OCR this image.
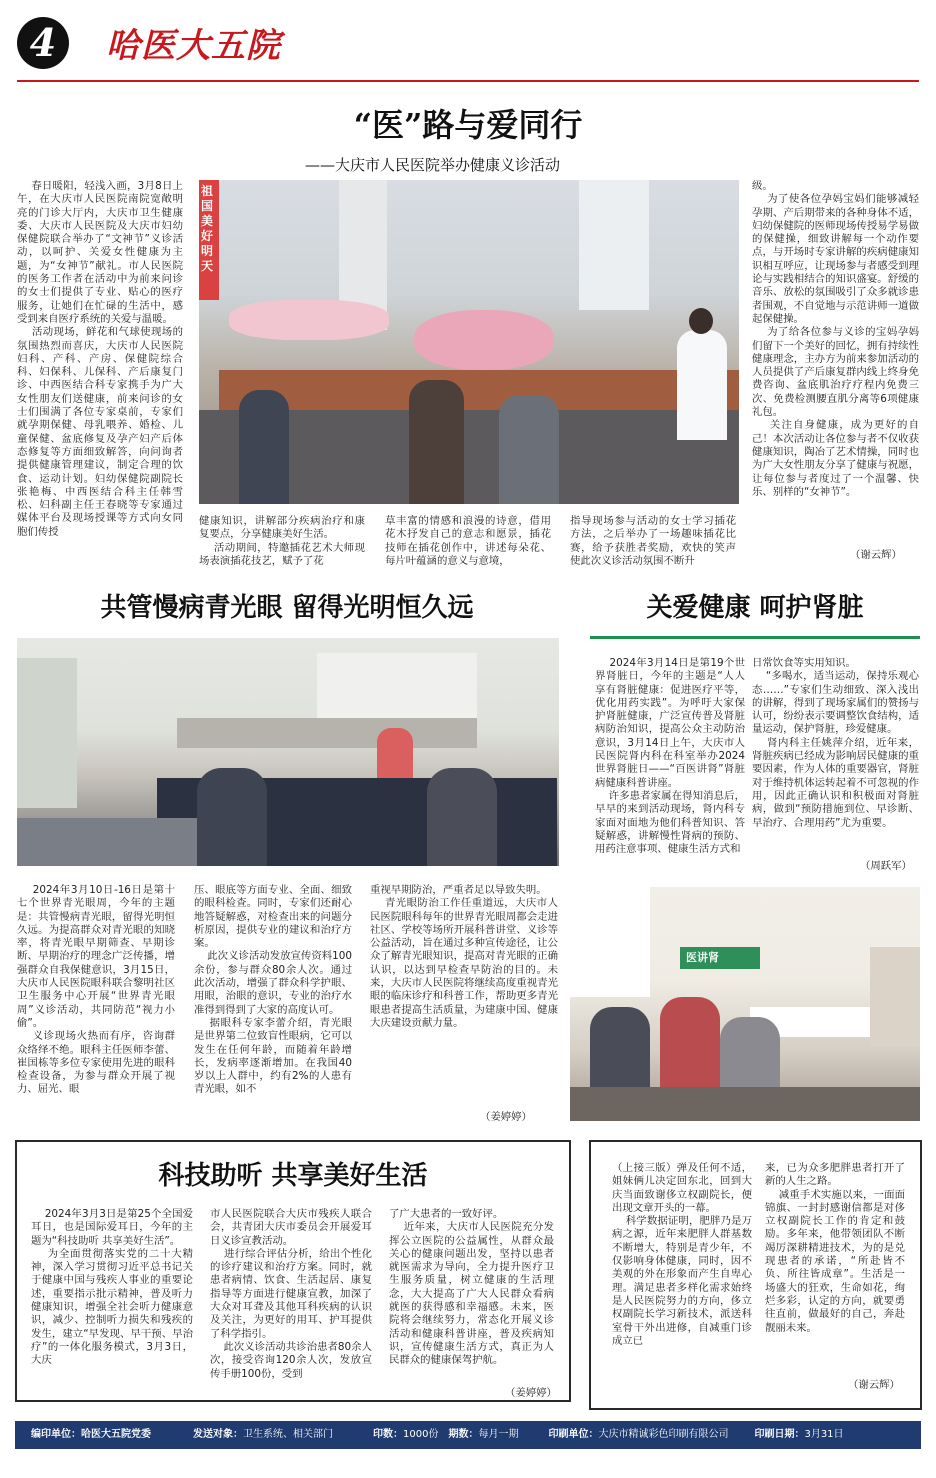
4	哈医大五院
“医”路与爱同行
——大庆市人民医院举办健康义诊活动
春日暖阳，轻浅入画，3月8日上午，在大庆市人民医院南院宽敞明亮的门诊大厅内，大庆市卫生健康委、大庆市人民医院及大庆市妇幼保健院联合举办了“文神节”义诊活动，以呵护、关爱女性健康为主题，为“女神节”献礼。市人民医院的医务工作者在活动中为前来问诊的女士们提供了专业、贴心的医疗服务，让她们在忙碌的生活中，感受到来自医疗系统的关爱与温暖。
活动现场，鲜花和气球使现场的氛围热烈而喜庆，大庆市人民医院妇科、产科、产房、保健院综合科、妇保科、儿保科、产后康复门诊、中西医结合科专家携手为广大女性朋友们送健康，前来问诊的女士们围满了各位专家桌前，专家们就孕期保健、母乳喂养、婚检、儿童保健、盆底修复及孕产妇产后体态修复等方面细致解答，向问询者提供健康管理建议，制定合理的饮食、运动计划。妇幼保健院副院长张艳梅、中西医结合科主任韩雪松、妇科副主任王春晓等专家通过媒体平台及现场授课等方式向女同胞们传授
祖国美好明天
健康知识，讲解部分疾病治疗和康复要点，分享健康美好生活。
活动期间，特邀插花艺术大师现场表演插花技艺，赋予了花
草丰富的情感和浪漫的诗意，借用花木抒发自己的意志和愿景，插花技师在插花创作中，讲述每朵花、每片叶蕴涵的意义与意境，
指导现场参与活动的女士学习插花方法，之后举办了一场趣味插花比赛，给予获胜者奖励，欢快的笑声使此次义诊活动氛围不断升
级。
为了使各位孕妈宝妈们能够减轻孕期、产后期带来的各种身体不适，妇幼保健院的医师现场传授易学易做的保健操，细致讲解每一个动作要点，与开场时专家讲解的疾病健康知识相互呼应，让现场参与者感受到理论与实践相结合的知识盛宴。舒缓的音乐、放松的氛围吸引了众多就诊患者围观，不自觉地与示范讲师一道做起保健操。
为了给各位参与义诊的宝妈孕妈们留下一个美好的回忆，拥有持续性健康理念，主办方为前来参加活动的人员提供了产后康复群内线上终身免费咨询、盆底肌治疗疗程内免费三次、免费检测腰直肌分离等6项健康礼包。
关注自身健康，成为更好的自己！本次活动让各位参与者不仅收获健康知识，陶冶了艺术情操，同时也为广大女性朋友分享了健康与祝愿，让每位参与者度过了一个温馨、快乐、别样的“女神节”。
（谢云辉）
共管慢病青光眼 留得光明恒久远	关爱健康 呵护肾脏
2024年3月14日是第19个世界肾脏日，今年的主题是“人人享有肾脏健康：促进医疗平等，优化用药实践”。为呼吁大家保护肾脏健康，广泛宣传普及肾脏病防治知识，提高公众主动防治意识，3月14日上午，大庆市人民医院肾内科在科室举办2024世界肾脏日——“百医讲肾”肾脏病健康科普讲座。
许多患者家属在得知消息后，早早的来到活动现场，肾内科专家面对面地为他们科普知识、答疑解惑，讲解慢性肾病的预防、用药注意事项、健康生活方式和
日常饮食等实用知识。
“多喝水，适当运动，保持乐观心态……”专家们生动细致、深入浅出的讲解，得到了现场家属们的赞扬与认可，纷纷表示要调整饮食结构，适量运动，保护肾脏，珍爱健康。
肾内科主任姚萍介绍，近年来，肾脏疾病已经成为影响居民健康的重要因素，作为人体的重要器官，肾脏对于维持机体运转起着不可忽视的作用，因此正确认识和积极面对肾脏病，做到“预防措施到位、早诊断、早治疗、合理用药”尤为重要。
（周跃军）
2024年3月10日-16日是第十七个世界青光眼周，今年的主题是：共管慢病青光眼，留得光明恒久远。为提高群众对青光眼的知晓率，将青光眼早期筛查、早期诊断、早期治疗的理念广泛传播，增强群众自我保健意识，3月15日，大庆市人民医院眼科联合黎明社区卫生服务中心开展“世界青光眼周”义诊活动，共同防范“视力小偷”。
义诊现场火热而有序，咨询群众络绎不绝。眼科主任医师李蕾、崔国栋等多位专家使用先进的眼科检查设备，为参与群众开展了视力、屈光、眼
压、眼底等方面专业、全面、细致的眼科检查。同时，专家们还耐心地答疑解惑，对检查出来的问题分析原因，提供专业的建议和治疗方案。
此次义诊活动发放宣传资料100余份，参与群众80余人次。通过此次活动，增强了群众科学护眼、用眼，治眼的意识，专业的治疗水准得到得到了大家的高度认可。
据眼科专家李蕾介绍，青光眼是世界第二位致盲性眼病，它可以发生在任何年龄，而随着年龄增长，发病率逐渐增加。在我国40岁以上人群中，约有2%的人患有青光眼，如不
重视早期防治，严重者足以导致失明。
青光眼防治工作任重道远，大庆市人民医院眼科每年的世界青光眼周都会走进社区、学校等场所开展科普讲堂、义诊等公益活动，旨在通过多种宣传途径，让公众了解青光眼知识，提高对青光眼的正确认识，以达到早检查早防治的目的。未来，大庆市人民医院将继续高度重视青光眼的临床诊疗和科普工作，帮助更多青光眼患者提高生活质量，为建康中国、健康大庆建设贡献力量。
（姜婷婷）
医讲肾
科技助听 共享美好生活
2024年3月3日是第25个全国爱耳日，也是国际爱耳日，今年的主题为“科技助听 共享美好生活”。
为全面贯彻落实党的二十大精神，深入学习贯彻习近平总书记关于健康中国与残疾人事业的重要论述，重要指示批示精神，普及听力健康知识，增强全社会听力健康意识，减少、控制听力损失和残疾的发生，建立“早发现、早干预、早治疗”的一体化服务模式，3月3日，大庆
市人民医院联合大庆市残疾人联合会，共青团大庆市委员会开展爱耳日义诊宣教活动。
进行综合评估分析，给出个性化的诊疗建议和治疗方案。同时，就患者病情、饮食、生活起居、康复指导等方面进行健康宣教，加深了大众对耳聋及其他耳科疾病的认识及关注，为更好的用耳、护耳提供了科学指引。
此次义诊活动共诊治患者80余人次，接受咨询120余人次，发放宣传手册100份，受到
了广大患者的一致好评。
近年来，大庆市人民医院充分发挥公立医院的公益属性，从群众最关心的健康问题出发，坚持以患者就医需求为导向，全力提升医疗卫生服务质量，树立健康的生活理念，大大提高了广大人民群众看病就医的获得感和幸福感。未来，医院将会继续努力，常态化开展义诊活动和健康科普讲座，普及疾病知识，宣传健康生活方式，真正为人民群众的健康保驾护航。
（姜婷婷）
（上接三版）弹及任何不适，姐妹俩儿决定回东北，回到大庆当面致谢侈立权副院长，便出现文章开头的一幕。
科学数据证明，肥胖乃是万病之源，近年来肥胖人群基数不断增大，特别是青少年，不仅影响身体健康，同时，因不美观的外在形象而产生自卑心理。满足患者多样化需求始终是人民医院努力的方向，侈立权副院长学习新技术，派送科室骨干外出进修，自减重门诊成立已
来，已为众多肥胖患者打开了新的人生之路。
减重手术实施以来，一面面锦旗、一封封感谢信都是对侈立权副院长工作的肯定和鼓励。多年来，他带领团队不断竭厉深耕精进技术，为的是兑现患者的承诺，“所赴皆不负、所往皆成章”。生活是一场盛大的狂欢，生命如花，绚烂多彩，认定的方向，就要勇往直前，做最好的自己，奔赴靓丽未来。
（谢云辉）
编印单位： 哈医大五院党委	发送对象： 卫生系统、相关部门	印数： 1000份 期数： 每月一期	印刷单位： 大庆市精诚彩色印刷有限公司	印刷日期： 3月31日
